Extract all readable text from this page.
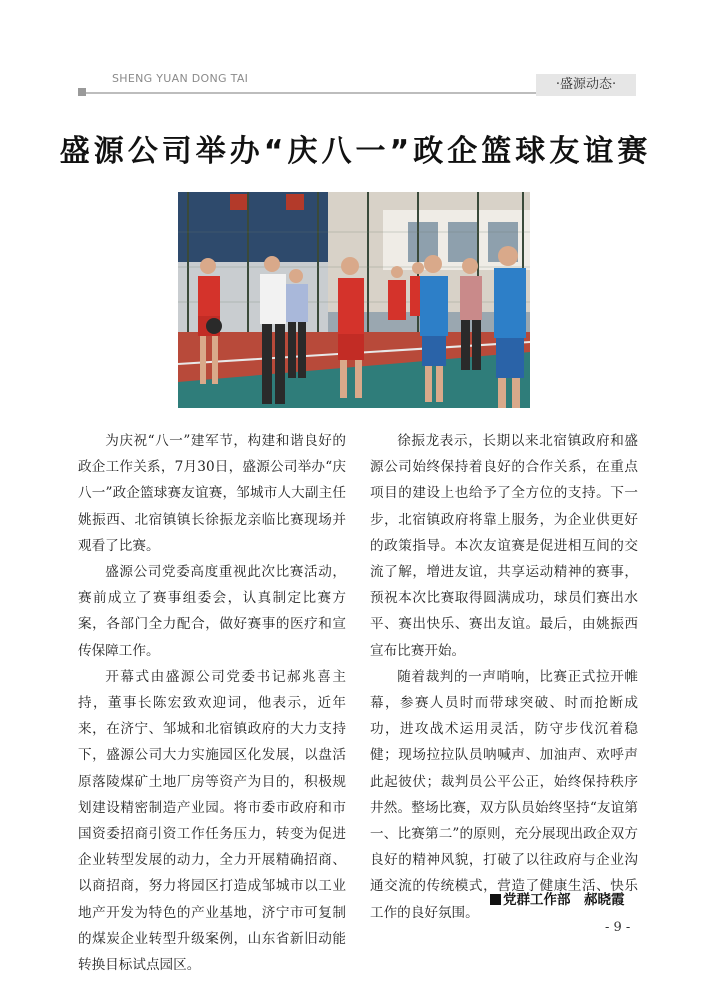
SHENG YUAN DONG TAI	·盛源动态·
盛源公司举办“庆八一”政企篮球友谊赛

为庆祝“八一”建军节，构建和谐良好的政企工作关系，7月30日，盛源公司举办“庆八一”政企篮球赛友谊赛，邹城市人大副主任姚振西、北宿镇镇长徐振龙亲临比赛现场并观看了比赛。

盛源公司党委高度重视此次比赛活动，赛前成立了赛事组委会，认真制定比赛方案，各部门全力配合，做好赛事的医疗和宣传保障工作。

开幕式由盛源公司党委书记郝兆喜主持，董事长陈宏致欢迎词，他表示，近年来，在济宁、邹城和北宿镇政府的大力支持下，盛源公司大力实施园区化发展，以盘活原落陵煤矿土地厂房等资产为目的，积极规划建设精密制造产业园。将市委市政府和市国资委招商引资工作任务压力，转变为促进企业转型发展的动力，全力开展精确招商、以商招商，努力将园区打造成邹城市以工业地产开发为特色的产业基地，济宁市可复制的煤炭企业转型升级案例，山东省新旧动能转换目标试点园区。

徐振龙表示，长期以来北宿镇政府和盛源公司始终保持着良好的合作关系，在重点项目的建设上也给予了全方位的支持。下一步，北宿镇政府将靠上服务，为企业供更好的政策指导。本次友谊赛是促进相互间的交流了解，增进友谊，共享运动精神的赛事，预祝本次比赛取得圆满成功，球员们赛出水平、赛出快乐、赛出友谊。最后，由姚振西宣布比赛开始。

随着裁判的一声哨响，比赛正式拉开帷幕，参赛人员时而带球突破、时而抢断成功，进攻战术运用灵活，防守步伐沉着稳健；现场拉拉队员呐喊声、加油声、欢呼声此起彼伏；裁判员公平公正，始终保持秩序井然。整场比赛，双方队员始终坚持“友谊第一、比赛第二”的原则，充分展现出政企双方良好的精神风貌，打破了以往政府与企业沟通交流的传统模式，营造了健康生活、快乐工作的良好氛围。

党群工作部　郝晓霞
- 9 -
